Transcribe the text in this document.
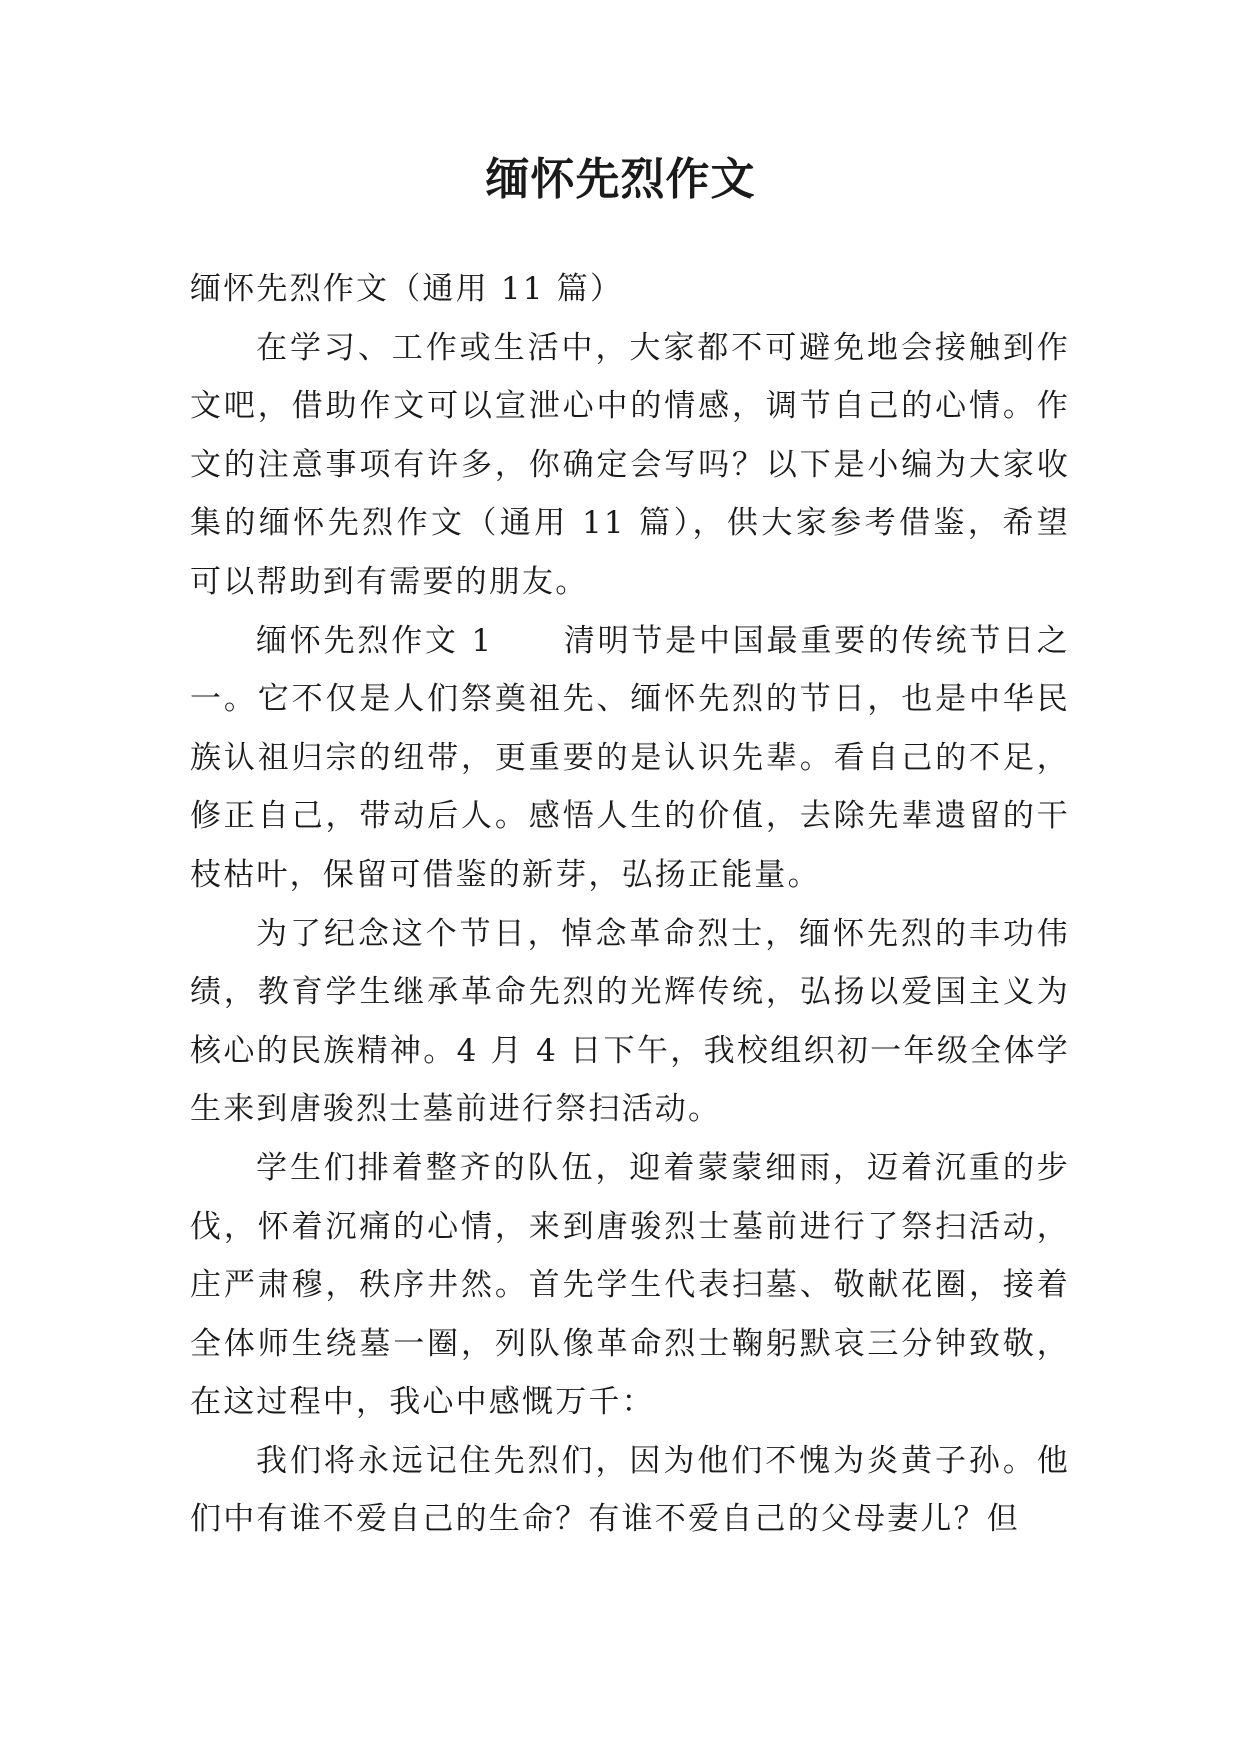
缅怀先烈作文

缅怀先烈作文（通用 11 篇）

在学习、工作或生活中，大家都不可避免地会接触到作文吧，借助作文可以宣泄心中的情感，调节自己的心情。作文的注意事项有许多，你确定会写吗？以下是小编为大家收集的缅怀先烈作文（通用 11 篇），供大家参考借鉴，希望可以帮助到有需要的朋友。

缅怀先烈作文 1 清明节是中国最重要的传统节日之一。它不仅是人们祭奠祖先、缅怀先烈的节日，也是中华民族认祖归宗的纽带，更重要的是认识先辈。看自己的不足，修正自己，带动后人。感悟人生的价值，去除先辈遗留的干枝枯叶，保留可借鉴的新芽，弘扬正能量。

为了纪念这个节日，悼念革命烈士，缅怀先烈的丰功伟绩，教育学生继承革命先烈的光辉传统，弘扬以爱国主义为核心的民族精神。4 月 4 日下午，我校组织初一年级全体学生来到唐骏烈士墓前进行祭扫活动。

学生们排着整齐的队伍，迎着蒙蒙细雨，迈着沉重的步伐，怀着沉痛的心情，来到唐骏烈士墓前进行了祭扫活动，庄严肃穆，秩序井然。首先学生代表扫墓、敬献花圈，接着全体师生绕墓一圈，列队像革命烈士鞠躬默哀三分钟致敬，在这过程中，我心中感慨万千：

我们将永远记住先烈们，因为他们不愧为炎黄子孙。他们中有谁不爱自己的生命？有谁不爱自己的父母妻儿？但
